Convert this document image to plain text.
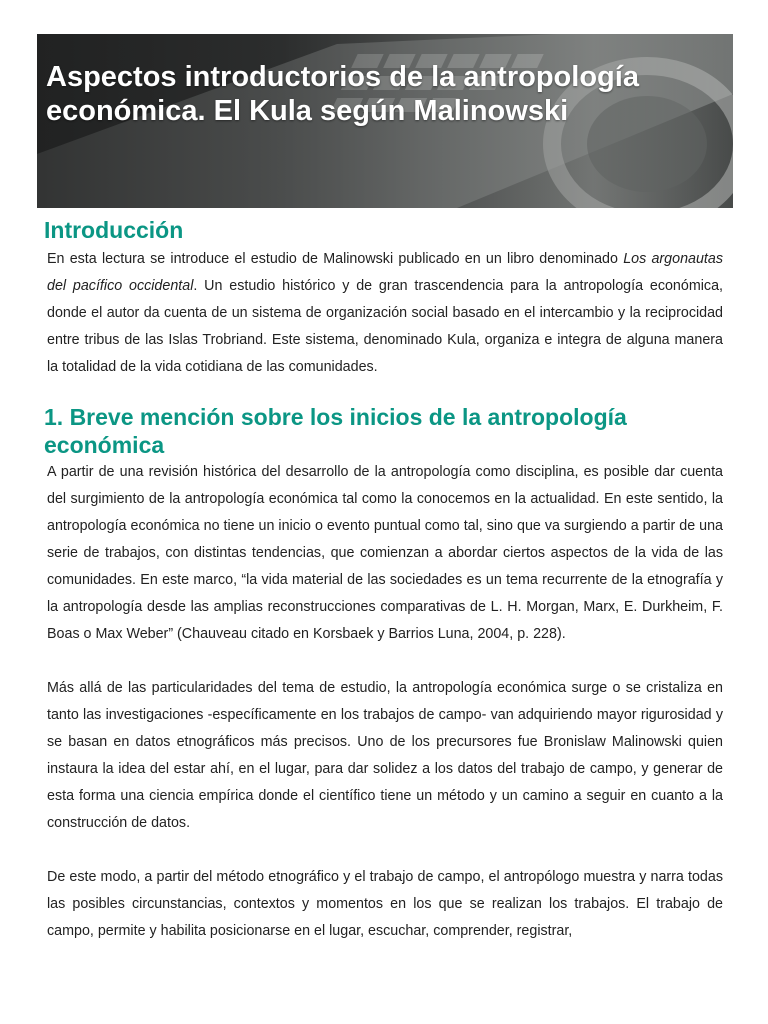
Aspectos introductorios de la antropología económica. El Kula según Malinowski
Introducción

En esta lectura se introduce el estudio de Malinowski publicado en un libro denominado Los argonautas del pacífico occidental. Un estudio histórico y de gran trascendencia para la antropología económica, donde el autor da cuenta de un sistema de organización social basado en el intercambio y la reciprocidad entre tribus de las Islas Trobriand. Este sistema, denominado Kula, organiza e integra de alguna manera la totalidad de la vida cotidiana de las comunidades.

1. Breve mención sobre los inicios de la antropología económica

A partir de una revisión histórica del desarrollo de la antropología como disciplina, es posible dar cuenta del surgimiento de la antropología económica tal como la conocemos en la actualidad. En este sentido, la antropología económica no tiene un inicio o evento puntual como tal, sino que va surgiendo a partir de una serie de trabajos, con distintas tendencias, que comienzan a abordar ciertos aspectos de la vida de las comunidades. En este marco, “la vida material de las sociedades es un tema recurrente de la etnografía y la antropología desde las amplias reconstrucciones comparativas de L. H. Morgan, Marx, E. Durkheim, F. Boas o Max Weber” (Chauveau citado en Korsbaek y Barrios Luna, 2004, p. 228).

Más allá de las particularidades del tema de estudio, la antropología económica surge o se cristaliza en tanto las investigaciones -específicamente en los trabajos de campo- van adquiriendo mayor rigurosidad y se basan en datos etnográficos más precisos. Uno de los precursores fue Bronislaw Malinowski quien instaura la idea del estar ahí, en el lugar, para dar solidez a los datos del trabajo de campo, y generar de esta forma una ciencia empírica donde el científico tiene un método y un camino a seguir en cuanto a la construcción de datos.

De este modo, a partir del método etnográfico y el trabajo de campo, el antropólogo muestra y narra todas las posibles circunstancias, contextos y momentos en los que se realizan los trabajos. El trabajo de campo, permite y habilita posicionarse en el lugar, escuchar, comprender, registrar,
